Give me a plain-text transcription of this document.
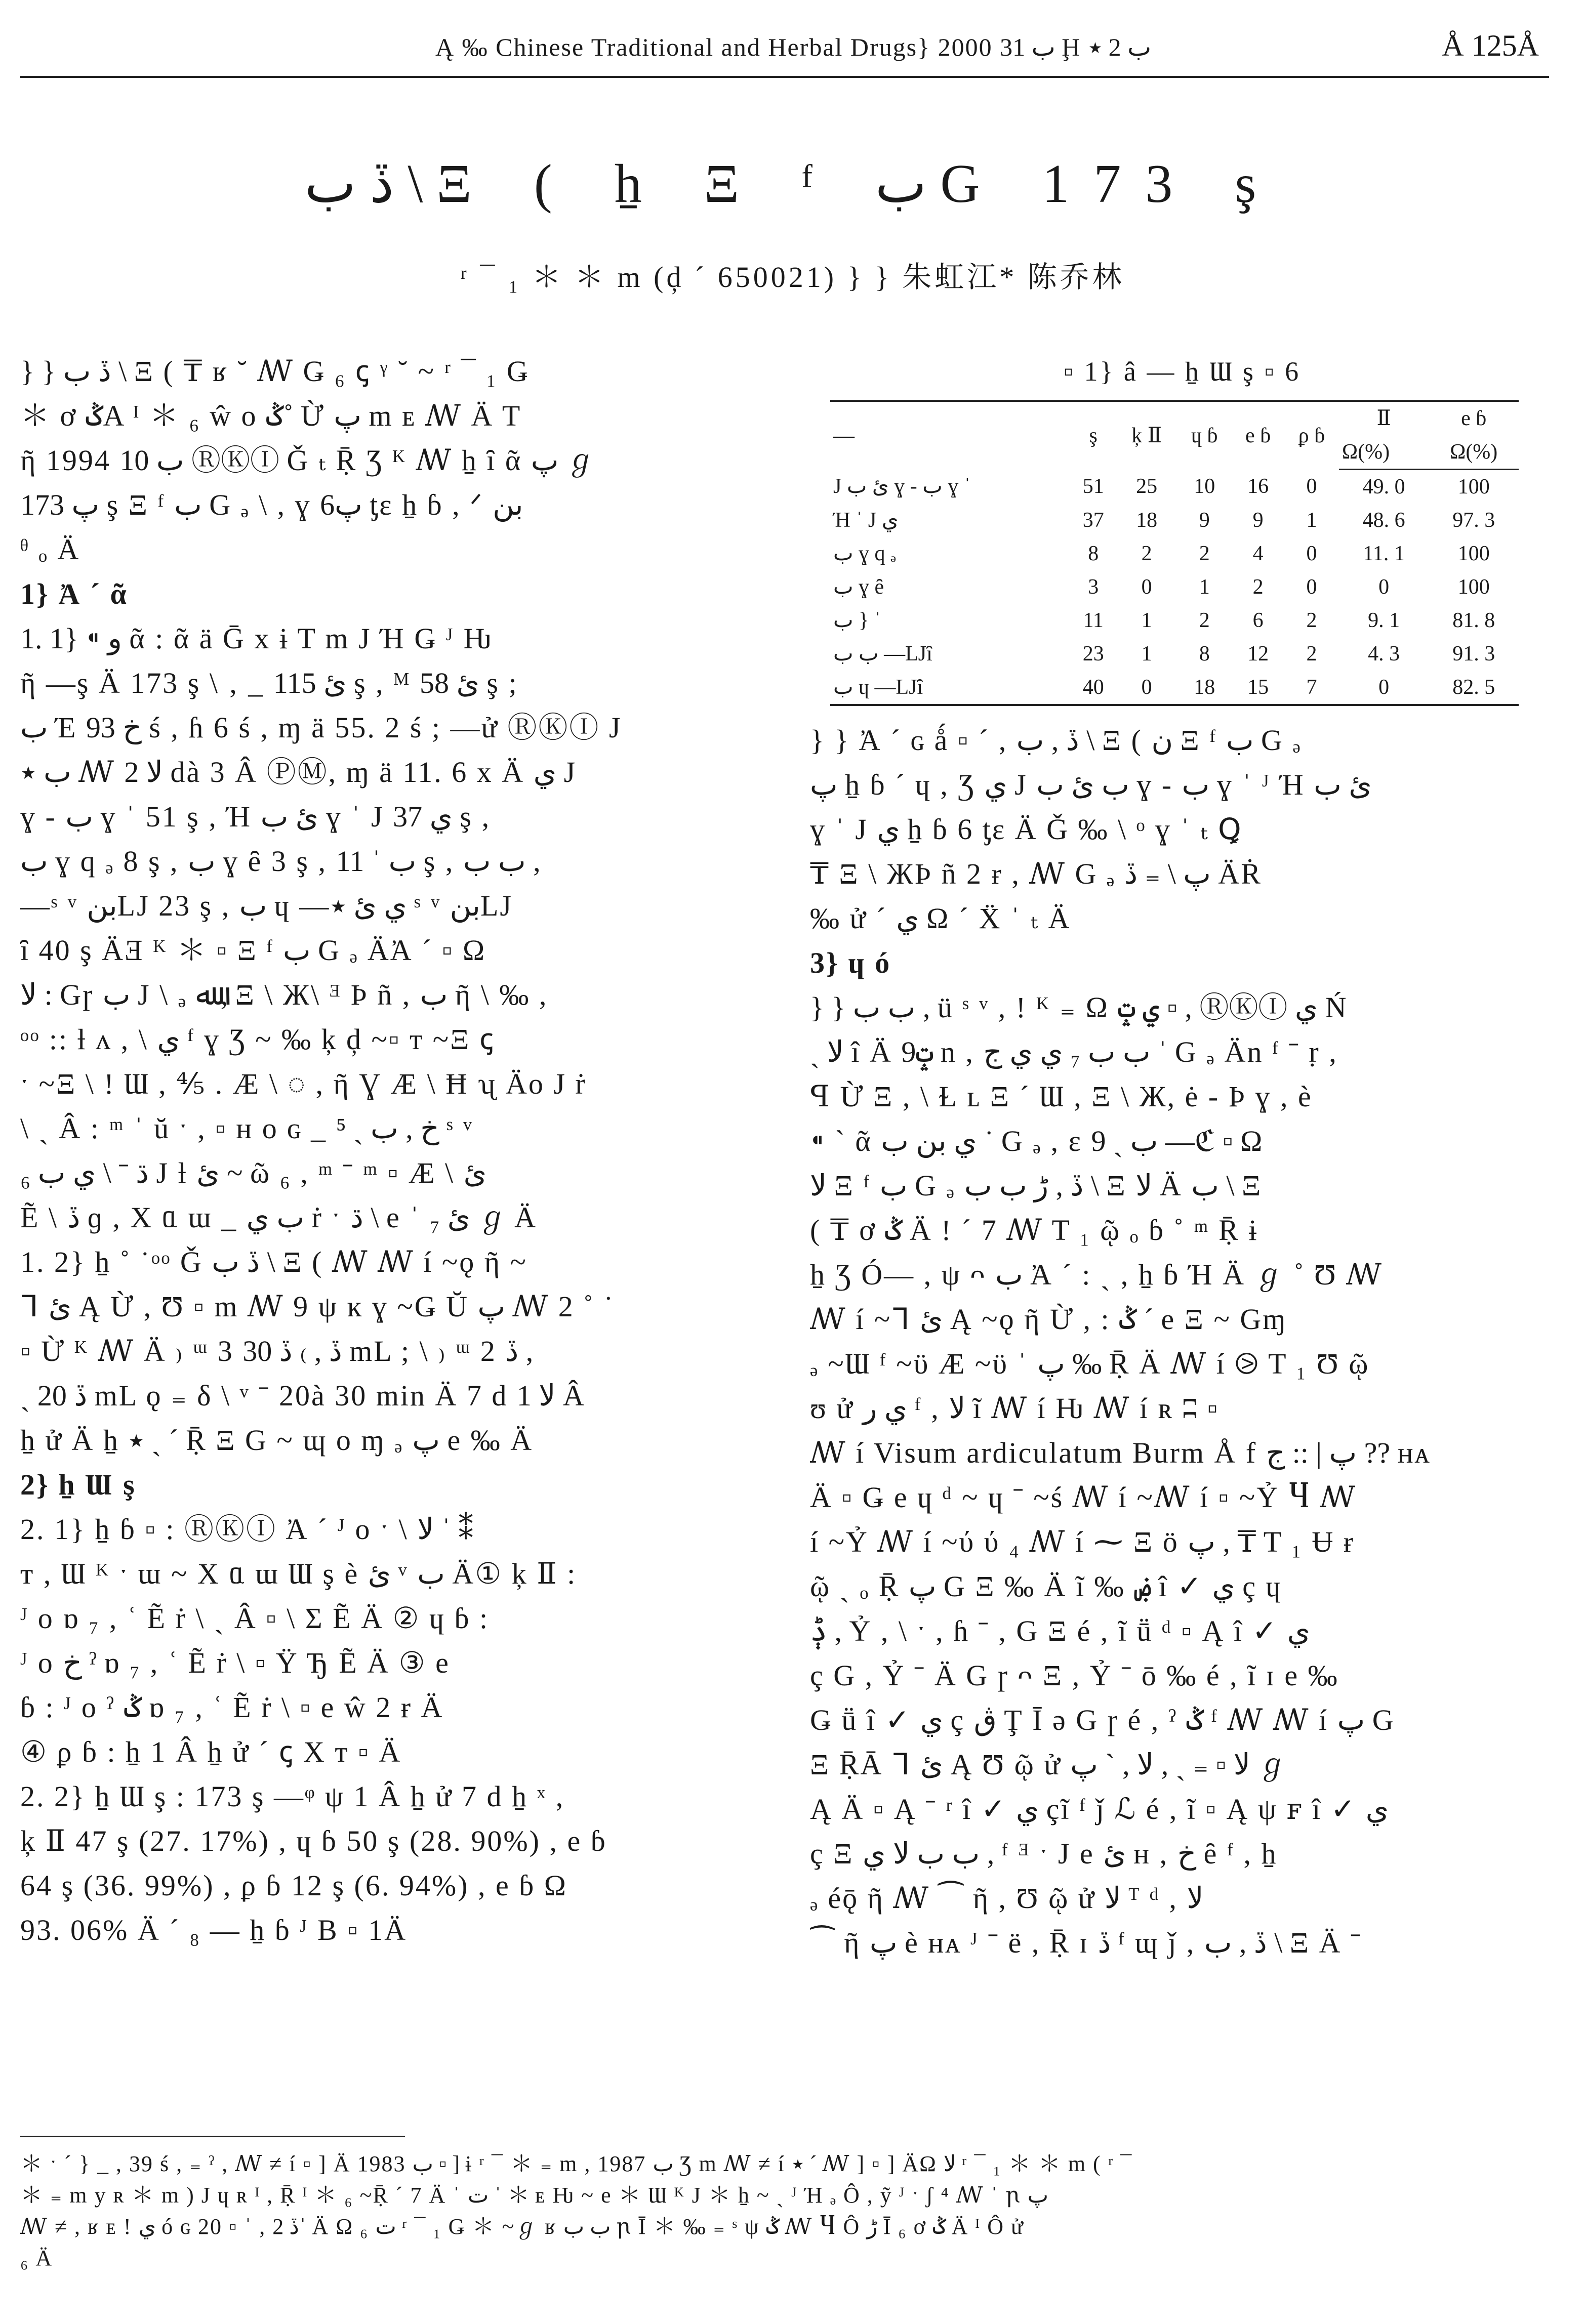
Ą ‰ Chinese Traditional and Herbal Drugs} 2000 ب 31 Ḩ ب 2 ٭	Å 125Å
ڏ ب \ Ξ ( ẖ Ξ ᶠ ب G 173 ş
ʳ ¯ ₁ ＊ ＊ m (ḑ ˊ 650021) } } 朱虹江* 陈乔林

} } ڏ ب \ Ξ ( ₸ ʁ ˘ ꟿ Ǥ ₆ ꞔ ᵞ ˘ ~ ʳ ¯ ₁ Ǥ

＊ ơ ݣA ᴵ ＊ ₆ ŵ o ݣ˚ Ừ پ m ᴇ ꟿ Ä T

ῆ 1994 ب 10 ⓇⓀⒾ Ǧ ₜ Ṝ Ʒ ᴷ ꟿ ẖ ȋ ᾶ پ ℊ

پ 173 ş Ξ ᶠ ب G ₔ \ , ɣ پ6 ƫɛ ẖ ɓ , ᐟ بن

ᶿ ₒ Ä

1} Ἀ ˊ ᾶ

1. 1} ⁌ و ᾶ : ᾶ ä Ḡ x ɨ T m J Ή Ǥ ᴶ Ƕ

ῆ —ş Ä 173 ş \ ‚ _ ئ 115 ş , ᴹ ئ 58 ş ;

ب Έ خ 93 ś , ɦ 6 ś , ɱ ä 55. 2 ś ; —ử ⓇⓀⒾ J

ب ٭ ꟿ ﻻ 2 dà 3 Â ⓅⓂ, ɱ ä 11. 6 x Ä ي J

ɣ - ب ɣ ˈ 51 ş , Ή ئ ب ɣ ˈ J ي 37 ş ,

ب ɣ q ₔ 8 ş , ب ɣ ȇ 3 ş , ب ˈ 11 ş , ب ب ,

—ˢ ᵛ بنLJ 23 ş , ب ɥ —ي ئ ٭ ˢ ᵛ بنLJ

ȋ 40 ş ÄƎ ᴷ ＊ ▫ Ξ ᶠ ب G ₔ ÄἈ ˊ ▫ Ω

ﻻ : Gɼ ب J \ ₔ ﷲ , Ξ \ Ж\ ᴲ Þ ñ , ب ῆ \ ‰ ,

ᵒᵒ :: ƚ ᴧ , \ ي ᶠ ɣ Ʒ ~ ‰ ķ ḑ ~▫ ᴛ ~Ξ ꞔ

ˑ ~Ξ \ ! Ɯ , ⅘ . Æ \ ◌ , ῆ Ɣ Æ \ Ħ ʯ Äo J ṙ

\ ˏ Â : ᵐ ˈ ŭ ˑ , ▫ ʜ o ɢ _ خ , ب ˏ ⁵ ˢ ᵛ

₆ ڌ ˉ \ ي ب J ƚ ئ ~ ῶ ₆ , ᵐ ˉ ᵐ ▫ Æ \ ئ

Ẽ \ ڏ ɡ , X ᥲ ɯ _ ب ي ṙ ˑ ڌ \ e ˈ ئ ₇ ℊ Ä

1. 2} ẖ ˚ ˙ᵒᵒ Ǧ ڏ ب \ Ξ ( ꟿ ꟿ í ~ǫ ῆ ~

ᒣ ئ Ą Ừ , Ʊ ▫ m ꟿ 9 ψ ĸ ɣ ~Ǥ Ŭ پ ꟿ 2 ˚ ˙

▫ Ừ ᴷ ꟿ Ä ₎ ᵚ 3 ڏ , ₎ ڏ 30 mL ; \ ₎ ᵚ 2 ڏ ,

ˏ ڏ 20 mL ǫ ₌ δ \ ᵛ ˉ 20à 30 min Ä 7 d ﻻ 1 Â

ẖ ử Ä ẖ ٭ ˏ ˊ Ṝ Ξ G ~ ɰ o ɱ ₔ پ e ‰ Ä

2} ẖ Ɯ ş

2. 1} ẖ ɓ ▫ : ⓇⓀⒾ Ἀ ˊ ᴶ o ˑ \ ﻻ ˈ ⁑

ᴛ , Ɯ ᴷ ˑ ɯ ~ X ᥲ ɯ Ɯ ş è ئ ᵛ ب Ä① ķ Ⅱ :

ᴶ o ɒ ₇ , ʿ Ẽ ṙ \ ˏ Â ▫ \ Σ Ẽ Ä ② ɥ ɓ :

ᴶ o خ ˀ ɒ ₇ , ʿ Ẽ ṙ \ ▫ Ϋ Ђ Ẽ Ä ③ e

ɓ : ᴶ o ˀ ݣ ɒ ₇ , ʿ Ẽ ṙ \ ▫ e ŵ 2 ɍ Ä

④ ϼ ɓ : ẖ 1 Â ẖ ử ˊ ꞔ Χ ᴛ ▫ Ä

2. 2} ẖ Ɯ ş : 173 ş —ᵠ ψ 1 Â ẖ ử 7 d ẖ ˣ ,

ķ Ⅱ 47 ş (27. 17%) , ɥ ɓ 50 ş (28. 90%) , e ɓ

64 ş (36. 99%) , ϼ ɓ 12 ş (6. 94%) , e ɓ Ω

93. 06% Ä ˊ ₈ — ẖ ɓ ᴶ Β ▫ 1Ä

▫ 1} â — ẖ Ɯ ş ▫ 6
—	ş	ķ Ⅱ	ɥ ɓ	e ɓ	ϼ ɓ	Ⅱ	e ɓ
						Ω(%)	Ω(%)
J ئ ب ɣ - ب ɣ ˈ	51	25	10	16	0	49. 0	100
Ή ˈ J ي	37	18	9	9	1	48. 6	97. 3
ب ɣ q ₔ	8	2	2	4	0	11. 1	100
ب ɣ ȇ	3	0	1	2	0	0	100
ب } ˈ	11	1	2	6	2	9. 1	81. 8
ب ب —LJȋ	23	1	8	12	2	4. 3	91. 3
ب ɥ —LJȋ	40	0	18	15	7	0	82. 5

} } Ἀ ˊ ɢ ǻ ▫ ˊ , ڏ , ب \ Ξ ( ن Ξ ᶠ ب G ₔ

پ ẖ ɓ ˊ ɥ , Ʒ ي J ب ئ ب ɣ - ب ɣ ˈ ᴶ Ή ئ ب

ɣ ˈ J ي ẖ ɓ 6 ƫɛ Ä Ǧ ‰ \ ᵒ ɣ ˈ ₜ Ꝗ

₸ Ξ \ ЖÞ ñ 2 ɍ , ꟿ G ₔ پ \ ₌ ڏ ÄṘ

‰ ử ˊ ي Ω ˊ Ẍ ˈ ₜ Ä

3} ɥ ó

} } ب ب , ü ˢ ᵛ , ǃ ᴷ ₌ Ω ي ݓ ▫ , ⓇⓀⒾ ي Ń

ˏ ﻻ î Ä ݓ9 n , ب ب ₇ ي ي ج ˈ G ₔ Än ᶠ ˉ ṛ ,

ꟼ Ừ Ξ , \ Ɫ ʟ Ξ ˊ Ɯ , Ξ \ Ж, ė - Þ ɣ , è

⁌ ˋ ᾶ ي بن ب ˙ G ₔ , ɛ ب ˏ 9 —ℭ ▫ Ω

ﻻ Ξ ᶠ ب G ₔ ڏ , ڑ ب ب \ Ξ ﻻ Ä ب \ Ξ

( ₸ ơ ݣ Ä ǃ ˊ 7 ꟿ T ₁ ῷ ₒ ɓ ˚ ᵐ Ṝ ɨ

ẖ Ʒ Ó— , ψ ᴖ ب Ἀ ˊ : ˏ , ẖ ɓ Ή Ä ℊ ˚ Ʊ ꟿ

ꟿ í ~ᒣ ئ Ą ~ǫ ῆ Ừ , : ݣ ˊ e Ξ ~ Gɱ

ₔ ~Ɯ ᶠ ~ϋ Æ ~ϋ ˈ پ ‰ Ṝ Ä ꟿ í ⧁ T ₁ Ʊ ῷ

ʊ ử ي ر ᶠ , ﻻ ĩ ꟿ í Ƕ ꟿ í ʀ ʭ ▫

ꟿ í Visum ardiculatum Burm Å f پ | :: ج ?? ʜᴀ

Ä ▫ Ǥ e ɥ ᵈ ~ ɥ ˉ ~ś ꟿ í ~ꟿ í ▫ ~Ỷ Ⴗ ꟿ

í ~Ỷ ꟿ í ~ύ ύ ₄ ꟿ í ⁓ Ξ ö پ , ₸ T ₁ Ʉ ɍ

ῷ ˏ ₒ Ṝ پ G Ξ ‰ Ä ĩ ‰ ۻ î ✓ ي ç ɥ

ݙ , Ỷ , \ ˑ , ɦ ˉ , G Ξ é , ĩ ṻ ᵈ ▫ Ą î ✓ ي

ç G , Ỷ ˉ Ä G ɼ ᴖ Ξ , Ỷ ˉ ō ‰ é , ĩ ɪ e ‰

Ǥ ṻ î ✓ ي ç ڨ Ţ Ī ə G ɼ é , ˀ ݣ ᶠ ꟿ ꟿ í پ G

Ξ ṜĀ ᒣ ئ Ą Ʊ ῷ ử ﻻ ▫ ₌ ˏ , ﻻ , ˋ پ ℊ

Ą Ä ▫ Ą ˉ ʳ î ✓ ي çĩ ᶠ ǰ ℒ é , ĩ ▫ Ą ψ ꜰ î ✓ ي

ç Ξ ب ب ﻻ ي , ᶠ ᴲ ˑ J e ئ ʜ , خ ȇ ᶠ , ẖ

ₔ éǭ ῆ ꟿ ⁀ ῆ , Ʊ ῷ ử ﻻ ᵀ ᵈ , ﻻ

⁀ ῆ پ è ʜᴀ ᴶ ˉ ë , Ṝ ɪ ڏ ᶠ ɰ ǰ , ڏ , ب \ Ξ Ä ˉ

＊ ˑ ˊ } _ , 39 ś , ₌ ˀ , ꟿ ≠ í ▫ ] Ä 1983 ب ▫ ] ɨ ʳ ¯ ＊ ₌ m , 1987 ب Ʒ m ꟿ ≠ í ٭ ˊ ꟿ ] ▫ ] ÄΩ ﻻ ʳ ¯ ₁ ＊ ＊ m ( ʳ ¯

＊ ₌ m y ʀ ＊ m ) J ɥ ʀ ᴵ , Ṝ ᴵ ＊ ₆ ~Ṝ ˊ 7 Ä ˈ ت ˈ ＊ ᴇ Ƕ ~ e ＊ Ɯ ᴷ J ＊ ẖ ~ ˏ ᴶ Ή ₔ Ô , ỹ ᴶ ˑ ʃ ⁴ ꟿ ˈ ꞃ پ

ꟿ ≠ , ʁ ᴇ ǃ ي ó ɢ 20 ▫ ˈ , ڏ 2ˈ Ä Ω ₆ ت ʳ ¯ ₁ Ǥ ＊ ~ℊ ʁ ب ب ꞃ Ī ＊ ‰ ₌ ˢ ψ ݣ ꟿ Ⴗ Ô ڑ Ī ₆ ơ ݣ Ä ᴵ Ô ử

₆ Ä
